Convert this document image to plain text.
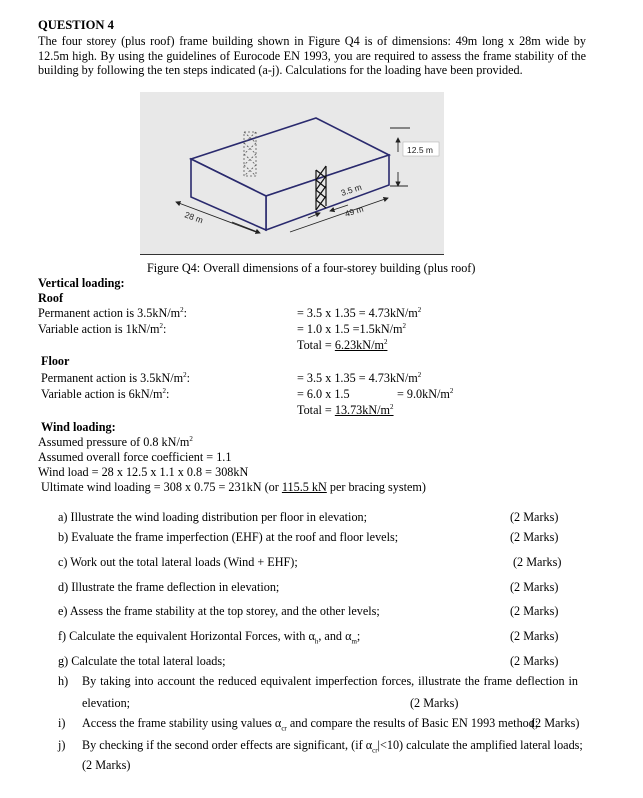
QUESTION 4
The four storey (plus roof) frame building shown in Figure Q4 is of dimensions: 49m long x 28m wide by 12.5m high. By using the guidelines of Eurocode EN 1993, you are required to assess the frame stability of the building by following the ten steps indicated (a-j). Calculations for the loading have been provided.
12.5 m
3.5 m
49 m
28 m
Figure Q4: Overall dimensions of a four-storey building (plus roof)
Vertical loading:
Roof
Permanent action is $3.5kN/m^2$:	= 3.5 x $1.35 = 4.73kN/m^2$
Variable action is $1kN/m^2$:	= 1.0 x $1.5 =1.5kN/m^2$
Total = $6.23kN/m^2$
Floor
Permanent action is $3.5kN/m^2$:	= 3.5 x $1.35 = 4.73kN/m^2$
Variable action is $6kN/m^2$:	= 6.0 x 1.5	= $9.0kN/m^2$
Total = $13.73kN/m^2$
Wind loading:
Assumed pressure of 0.8 $kN/m^2$
Assumed overall force coefficient = 1.1
Wind load = 28 x 12.5 x 1.1 x 0.8 = 308kN
Ultimate wind loading = 308 x 0.75 = 231kN (or 115.5 kN per bracing system)
a) Illustrate the wind loading distribution per floor in elevation;	(2 Marks)
b) Evaluate the frame imperfection (EHF) at the roof and floor levels;	(2 Marks)
c) Work out the total lateral loads (Wind + EHF);	(2 Marks)
d) Illustrate the frame deflection in elevation;	(2 Marks)
e) Assess the frame stability at the top storey, and the other levels;	(2 Marks)
f) Calculate the equivalent Horizontal Forces, with $\alpha_h$, and $\alpha_m$;	(2 Marks)
g) Calculate the total lateral loads;	(2 Marks)
h) By taking into account the reduced equivalent imperfection forces, illustrate the frame deflection in
elevation;	(2 Marks)
i) Access the frame stability using values $\alpha_{cr}$ and compare the results of Basic EN 1993 method;
(2 Marks)
j) By checking if the second order effects are significant, (if $\alpha_{cr}|<10$) calculate the amplified lateral loads;
(2 Marks)
